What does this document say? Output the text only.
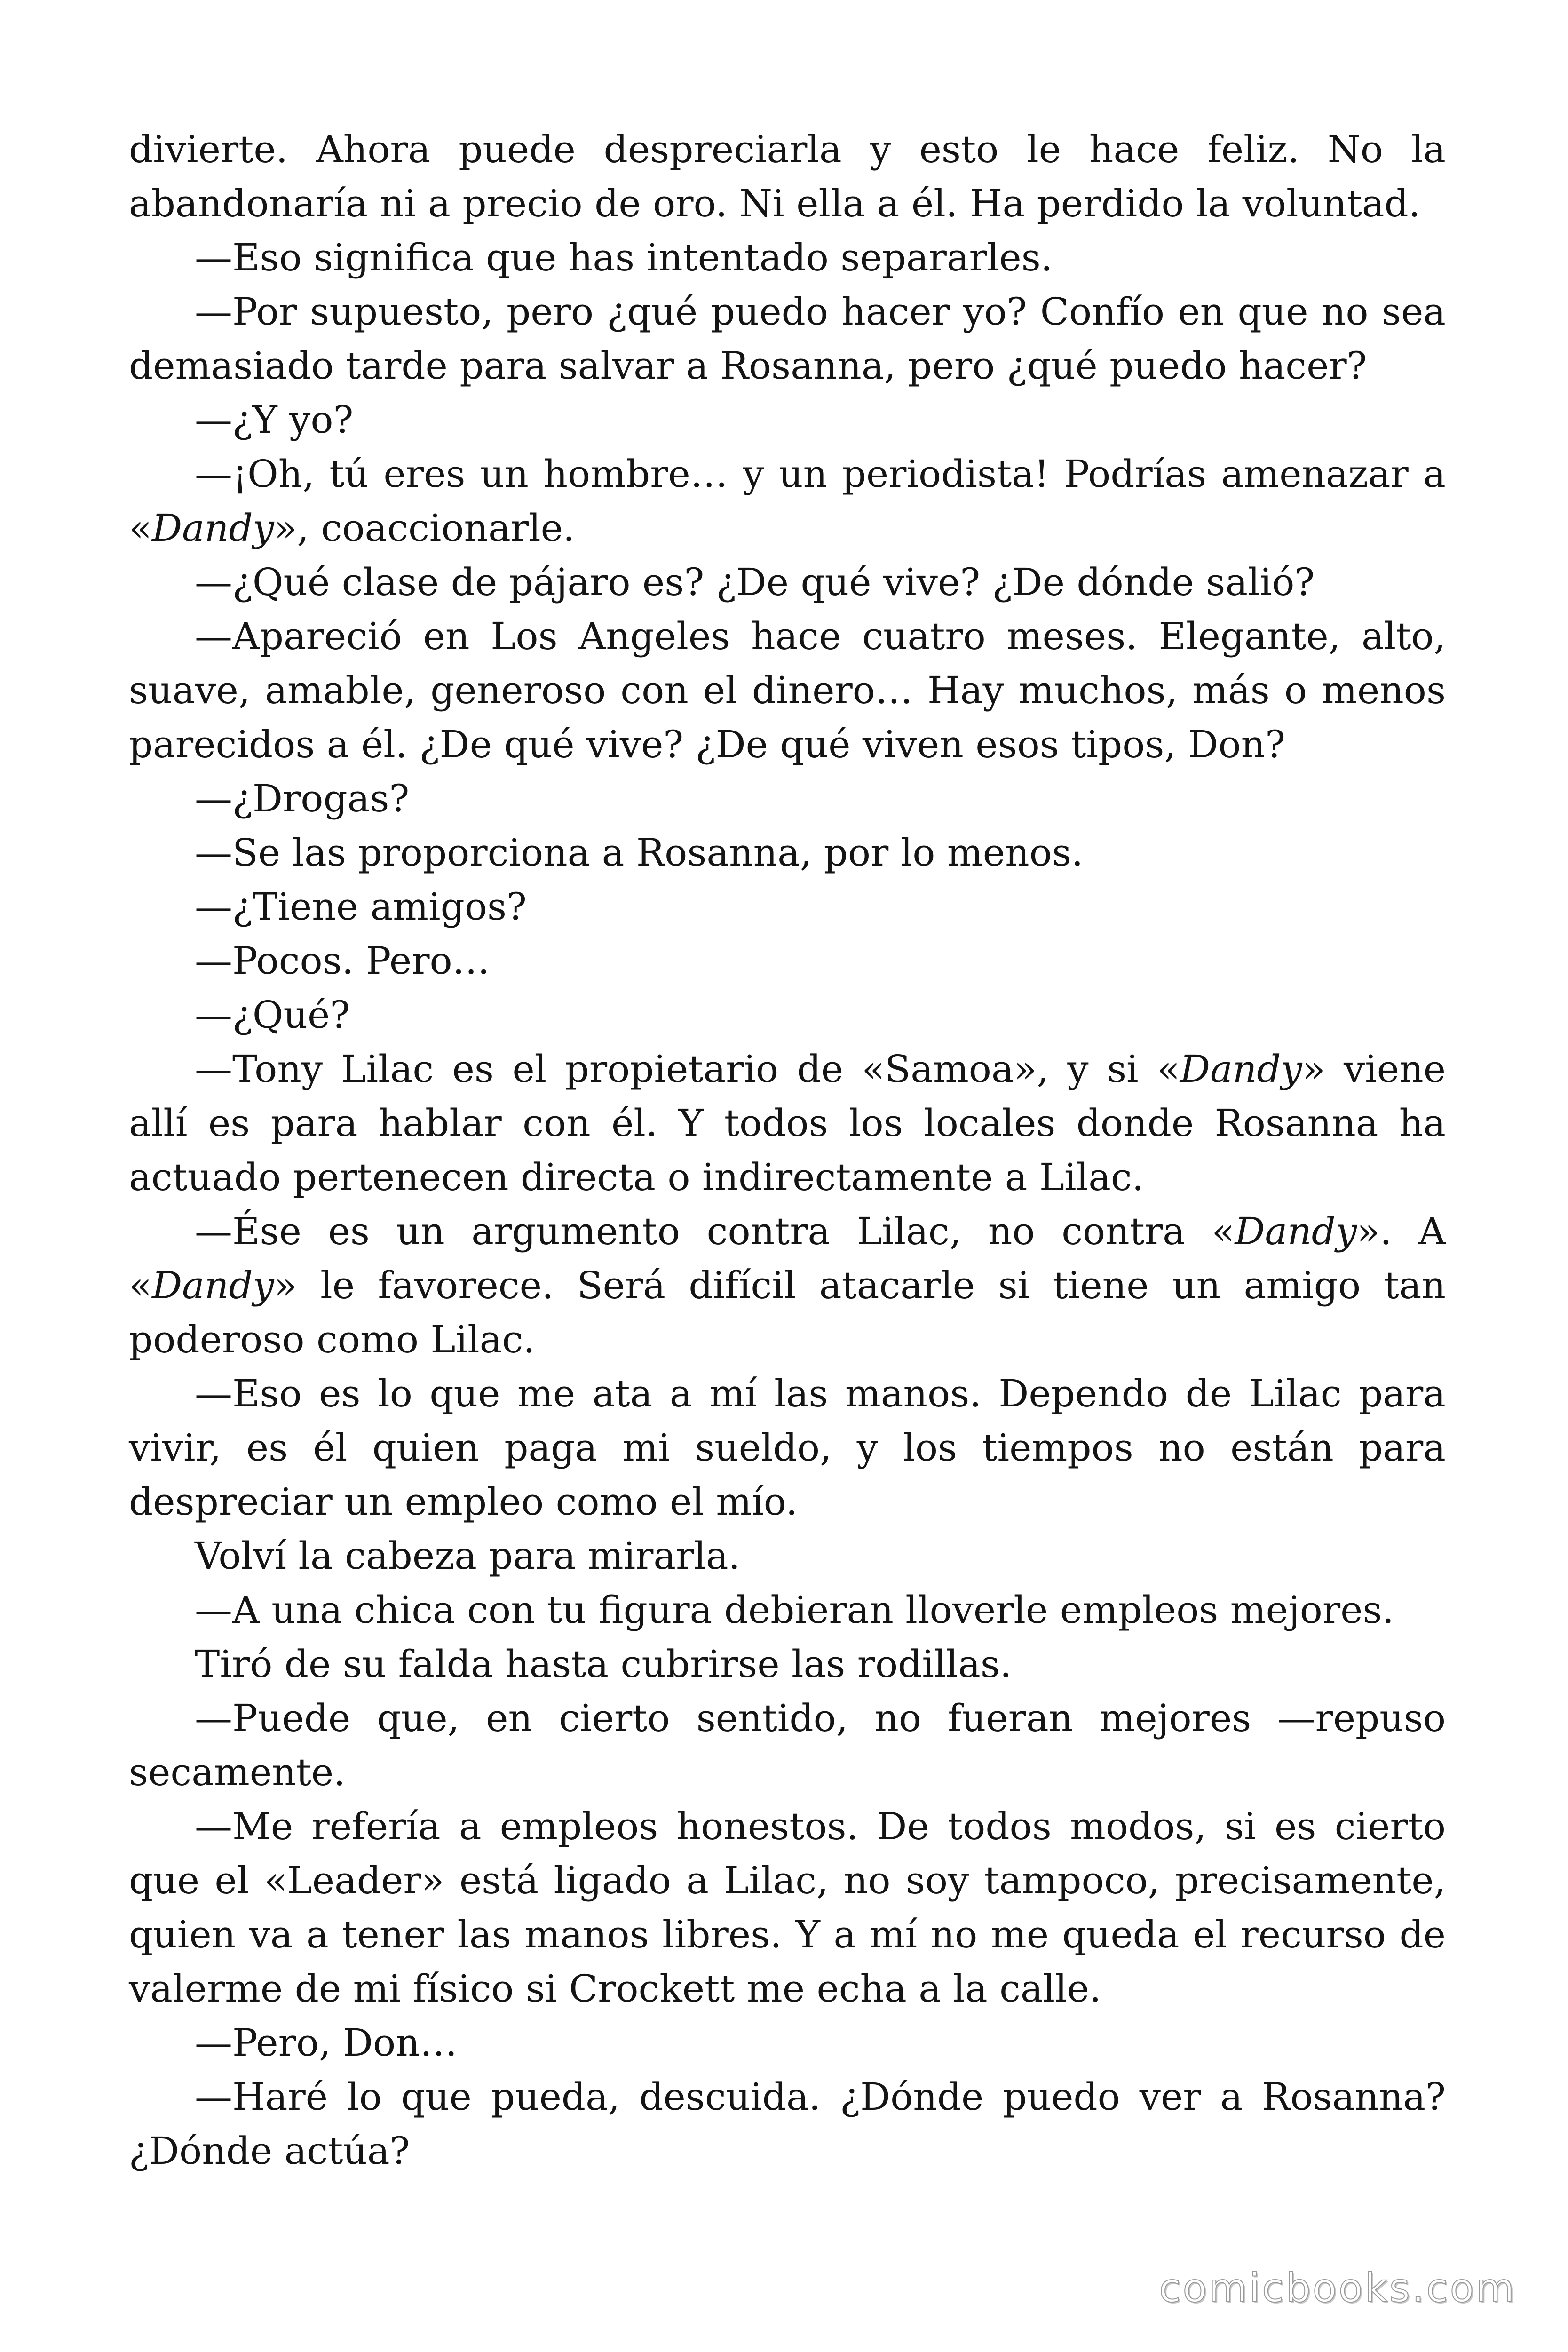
divierte. Ahora puede despreciarla y esto le hace feliz. No la
abandonaría ni a precio de oro. Ni ella a él. Ha perdido la voluntad.
—Eso significa que has intentado separarles.
—Por supuesto, pero ¿qué puedo hacer yo? Confío en que no sea
demasiado tarde para salvar a Rosanna, pero ¿qué puedo hacer?
—¿Y yo?
—¡Oh, tú eres un hombre… y un periodista! Podrías amenazar a
«Dandy», coaccionarle.
—¿Qué clase de pájaro es? ¿De qué vive? ¿De dónde salió?
—Apareció en Los Angeles hace cuatro meses. Elegante, alto,
suave, amable, generoso con el dinero… Hay muchos, más o menos
parecidos a él. ¿De qué vive? ¿De qué viven esos tipos, Don?
—¿Drogas?
—Se las proporciona a Rosanna, por lo menos.
—¿Tiene amigos?
—Pocos. Pero…
—¿Qué?
—Tony Lilac es el propietario de «Samoa», y si «Dandy» viene
allí es para hablar con él. Y todos los locales donde Rosanna ha
actuado pertenecen directa o indirectamente a Lilac.
—Ése es un argumento contra Lilac, no contra «Dandy». A
«Dandy» le favorece. Será difícil atacarle si tiene un amigo tan
poderoso como Lilac.
—Eso es lo que me ata a mí las manos. Dependo de Lilac para
vivir, es él quien paga mi sueldo, y los tiempos no están para
despreciar un empleo como el mío.
Volví la cabeza para mirarla.
—A una chica con tu figura debieran lloverle empleos mejores.
Tiró de su falda hasta cubrirse las rodillas.
—Puede que, en cierto sentido, no fueran mejores —repuso
secamente.
—Me refería a empleos honestos. De todos modos, si es cierto
que el «Leader» está ligado a Lilac, no soy tampoco, precisamente,
quien va a tener las manos libres. Y a mí no me queda el recurso de
valerme de mi físico si Crockett me echa a la calle.
—Pero, Don…
—Haré lo que pueda, descuida. ¿Dónde puedo ver a Rosanna?
¿Dónde actúa?
comicbooks.com
